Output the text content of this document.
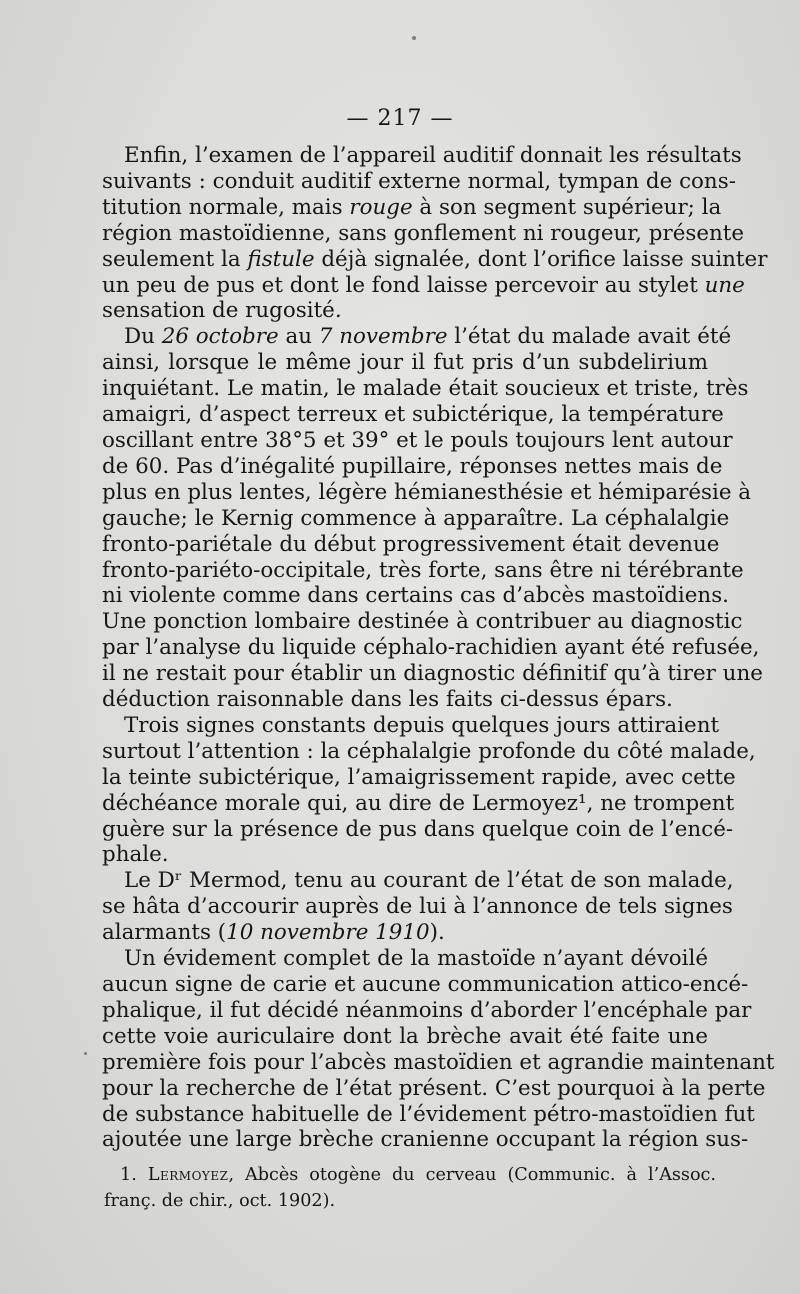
— 217 —
Enfin, l’examen de l’appareil auditif donnait les résultats
suivants : conduit auditif externe normal, tympan de cons-
titution normale, mais rouge à son segment supérieur; la
région mastoïdienne, sans gonflement ni rougeur, présente
seulement la fistule déjà signalée, dont l’orifice laisse suinter
un peu de pus et dont le fond laisse percevoir au stylet une
sensation de rugosité.
Du 26 octobre au 7 novembre l’état du malade avait été
ainsi, lorsque le même jour il fut pris d’un subdelirium
inquiétant. Le matin, le malade était soucieux et triste, très
amaigri, d’aspect terreux et subictérique, la température
oscillant entre 38°5 et 39° et le pouls toujours lent autour
de 60. Pas d’inégalité pupillaire, réponses nettes mais de
plus en plus lentes, légère hémianesthésie et hémiparésie à
gauche; le Kernig commence à apparaître. La céphalalgie
fronto-pariétale du début progressivement était devenue
fronto-pariéto-occipitale, très forte, sans être ni térébrante
ni violente comme dans certains cas d’abcès mastoïdiens.
Une ponction lombaire destinée à contribuer au diagnostic
par l’analyse du liquide céphalo-rachidien ayant été refusée,
il ne restait pour établir un diagnostic définitif qu’à tirer une
déduction raisonnable dans les faits ci-dessus épars.
Trois signes constants depuis quelques jours attiraient
surtout l’attention : la céphalalgie profonde du côté malade,
la teinte subictérique, l’amaigrissement rapide, avec cette
déchéance morale qui, au dire de Lermoyez¹, ne trompent
guère sur la présence de pus dans quelque coin de l’encé-
phale.
Le Dʳ Mermod, tenu au courant de l’état de son malade,
se hâta d’accourir auprès de lui à l’annonce de tels signes
alarmants (10 novembre 1910).
Un évidement complet de la mastoïde n’ayant dévoilé
aucun signe de carie et aucune communication attico-encé-
phalique, il fut décidé néanmoins d’aborder l’encéphale par
cette voie auriculaire dont la brèche avait été faite une
première fois pour l’abcès mastoïdien et agrandie maintenant
pour la recherche de l’état présent. C’est pourquoi à la perte
de substance habituelle de l’évidement pétro-mastoïdien fut
ajoutée une large brèche cranienne occupant la région sus-
1. Lermoyez, Abcès otogène du cerveau (Communic. à l’Assoc.
franç. de chir., oct. 1902).
